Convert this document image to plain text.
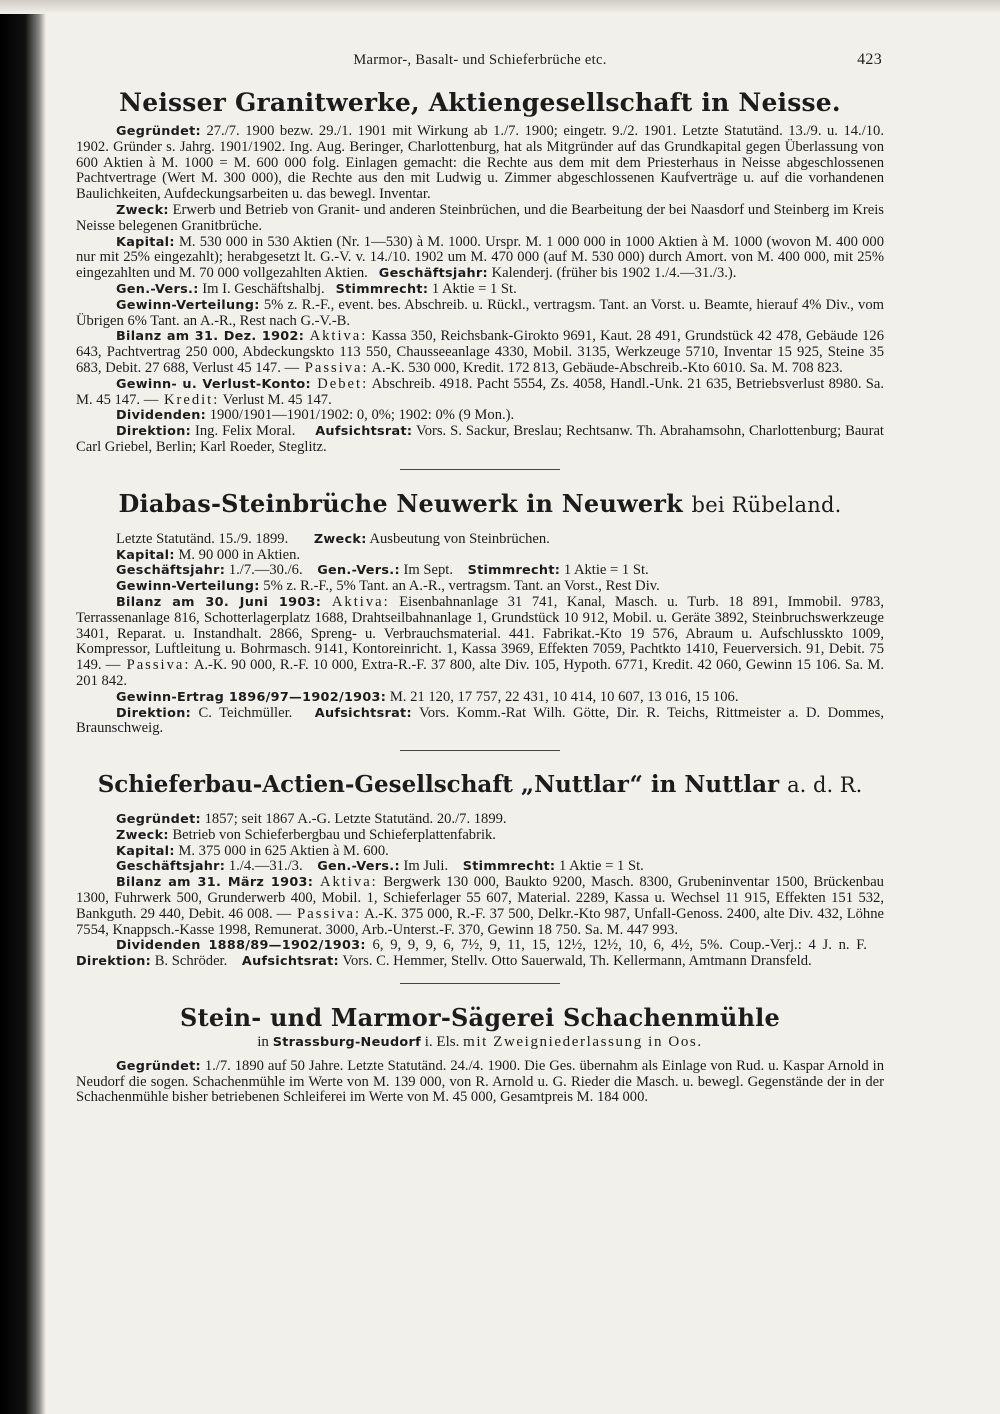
Marmor-, Basalt- und Schieferbrüche etc.	423
Neisser Granitwerke, Aktiengesellschaft in Neisse.

Gegründet: 27./7. 1900 bezw. 29./1. 1901 mit Wirkung ab 1./7. 1900; eingetr. 9./2. 1901. Letzte Statutänd. 13./9. u. 14./10. 1902. Gründer s. Jahrg. 1901/1902. Ing. Aug. Beringer, Charlottenburg, hat als Mitgründer auf das Grundkapital gegen Überlassung von 600 Aktien à M. 1000 = M. 600 000 folg. Einlagen gemacht: die Rechte aus dem mit dem Priesterhaus in Neisse abgeschlossenen Pachtvertrage (Wert M. 300 000), die Rechte aus den mit Ludwig u. Zimmer abgeschlossenen Kaufverträge u. auf die vorhandenen Baulichkeiten, Aufdeckungsarbeiten u. das bewegl. Inventar.

Zweck: Erwerb und Betrieb von Granit- und anderen Steinbrüchen, und die Bearbeitung der bei Naasdorf und Steinberg im Kreis Neisse belegenen Granitbrüche.

Kapital: M. 530 000 in 530 Aktien (Nr. 1—530) à M. 1000. Urspr. M. 1 000 000 in 1000 Aktien à M. 1000 (wovon M. 400 000 nur mit 25% eingezahlt); herabgesetzt lt. G.-V. v. 14./10. 1902 um M. 470 000 (auf M. 530 000) durch Amort. von M. 400 000, mit 25% eingezahlten und M. 70 000 vollgezahlten Aktien. Geschäftsjahr: Kalenderj. (früher bis 1902 1./4.—31./3.).

Gen.-Vers.: Im I. Geschäftshalbj. Stimmrecht: 1 Aktie = 1 St.

Gewinn-Verteilung: 5% z. R.-F., event. bes. Abschreib. u. Rückl., vertragsm. Tant. an Vorst. u. Beamte, hierauf 4% Div., vom Übrigen 6% Tant. an A.-R., Rest nach G.-V.-B.

Bilanz am 31. Dez. 1902: Aktiva: Kassa 350, Reichsbank-Girokto 9691, Kaut. 28 491, Grundstück 42 478, Gebäude 126 643, Pachtvertrag 250 000, Abdeckungskto 113 550, Chausseeanlage 4330, Mobil. 3135, Werkzeuge 5710, Inventar 15 925, Steine 35 683, Debit. 27 688, Verlust 45 147. — Passiva: A.-K. 530 000, Kredit. 172 813, Gebäude-Abschreib.-Kto 6010. Sa. M. 708 823.

Gewinn- u. Verlust-Konto: Debet: Abschreib. 4918. Pacht 5554, Zs. 4058, Handl.-Unk. 21 635, Betriebsverlust 8980. Sa. M. 45 147. — Kredit: Verlust M. 45 147.

Dividenden: 1900/1901—1901/1902: 0, 0%; 1902: 0% (9 Mon.).

Direktion: Ing. Felix Moral. Aufsichtsrat: Vors. S. Sackur, Breslau; Rechtsanw. Th. Abrahamsohn, Charlottenburg; Baurat Carl Griebel, Berlin; Karl Roeder, Steglitz.

Diabas-Steinbrüche Neuwerk in Neuwerk bei Rübeland.

Letzte Statutänd. 15./9. 1899. Zweck: Ausbeutung von Steinbrüchen.

Kapital: M. 90 000 in Aktien.

Geschäftsjahr: 1./7.—30./6. Gen.-Vers.: Im Sept. Stimmrecht: 1 Aktie = 1 St.

Gewinn-Verteilung: 5% z. R.-F., 5% Tant. an A.-R., vertragsm. Tant. an Vorst., Rest Div.

Bilanz am 30. Juni 1903: Aktiva: Eisenbahnanlage 31 741, Kanal, Masch. u. Turb. 18 891, Immobil. 9783, Terrassenanlage 816, Schotterlagerplatz 1688, Drahtseilbahnanlage 1, Grundstück 10 912, Mobil. u. Geräte 3892, Steinbruchswerkzeuge 3401, Reparat. u. Instandhalt. 2866, Spreng- u. Verbrauchsmaterial. 441. Fabrikat.-Kto 19 576, Abraum u. Aufschlusskto 1009, Kompressor, Luftleitung u. Bohrmasch. 9141, Kontoreinricht. 1, Kassa 3969, Effekten 7059, Pachtkto 1410, Feuerversich. 91, Debit. 75 149. — Passiva: A.-K. 90 000, R.-F. 10 000, Extra-R.-F. 37 800, alte Div. 105, Hypoth. 6771, Kredit. 42 060, Gewinn 15 106. Sa. M. 201 842.

Gewinn-Ertrag 1896/97—1902/1903: M. 21 120, 17 757, 22 431, 10 414, 10 607, 13 016, 15 106.

Direktion: C. Teichmüller. Aufsichtsrat: Vors. Komm.-Rat Wilh. Götte, Dir. R. Teichs, Rittmeister a. D. Dommes, Braunschweig.

Schieferbau-Actien-Gesellschaft „Nuttlar“ in Nuttlar a. d. R.

Gegründet: 1857; seit 1867 A.-G. Letzte Statutänd. 20./7. 1899.

Zweck: Betrieb von Schieferbergbau und Schieferplattenfabrik.

Kapital: M. 375 000 in 625 Aktien à M. 600.

Geschäftsjahr: 1./4.—31./3. Gen.-Vers.: Im Juli. Stimmrecht: 1 Aktie = 1 St.

Bilanz am 31. März 1903: Aktiva: Bergwerk 130 000, Baukto 9200, Masch. 8300, Grubeninventar 1500, Brückenbau 1300, Fuhrwerk 500, Grunderwerb 400, Mobil. 1, Schieferlager 55 607, Material. 2289, Kassa u. Wechsel 11 915, Effekten 151 532, Bankguth. 29 440, Debit. 46 008. — Passiva: A.-K. 375 000, R.-F. 37 500, Delkr.-Kto 987, Unfall-Genoss. 2400, alte Div. 432, Löhne 7554, Knappsch.-Kasse 1998, Remunerat. 3000, Arb.-Unterst.-F. 370, Gewinn 18 750. Sa. M. 447 993.

Dividenden 1888/89—1902/1903: 6, 9, 9, 9, 6, 7½, 9, 11, 15, 12½, 12½, 10, 6, 4½, 5%. Coup.-Verj.: 4 J. n. F.    Direktion: B. Schröder. Aufsichtsrat: Vors. C. Hemmer, Stellv. Otto Sauerwald, Th. Kellermann, Amtmann Dransfeld.

Stein- und Marmor-Sägerei Schachenmühle
in Strassburg-Neudorf i. Els. mit Zweigniederlassung in Oos.

Gegründet: 1./7. 1890 auf 50 Jahre. Letzte Statutänd. 24./4. 1900. Die Ges. übernahm als Einlage von Rud. u. Kaspar Arnold in Neudorf die sogen. Schachenmühle im Werte von M. 139 000, von R. Arnold u. G. Rieder die Masch. u. bewegl. Gegenstände der in der Schachenmühle bisher betriebenen Schleiferei im Werte von M. 45 000, Gesamtpreis M. 184 000.
